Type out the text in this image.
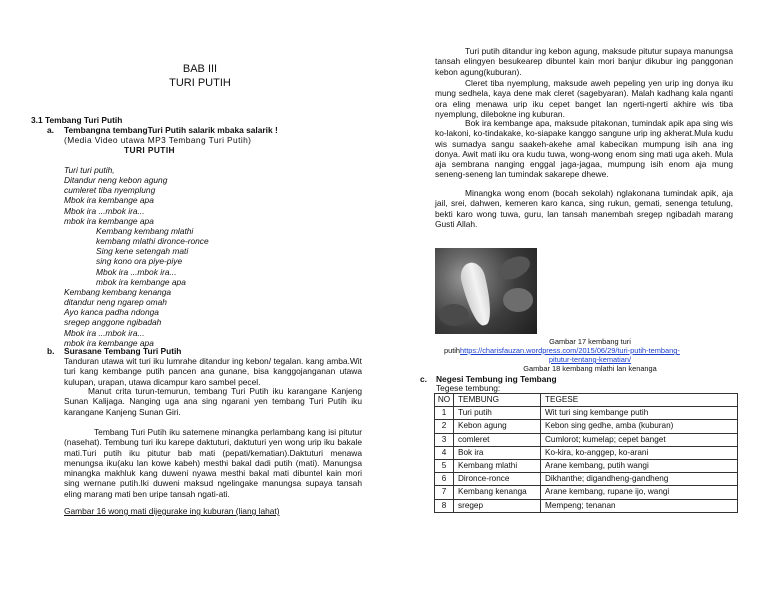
BAB III
TURI PUTIH
3.1 Tembang Turi Putih
a. Tembangna tembangTuri Putih salarik mbaka salarik !
(Media Video utawa MP3 Tembang Turi Putih)
TURI PUTIH
Turi turi putih,
Ditandur neng kebon agung
cumleret tiba nyemplung
Mbok ira kembange apa
Mbok ira ...mbok ira...
mbok ira kembange apa
Kembang kembang mlathi
kembang mlathi dironce-ronce
Sing kene setengah mati
sing kono ora piye-piye
Mbok ira ...mbok ira...
mbok ira kembange apa
Kembang kembang kenanga
ditandur neng ngarep omah
Ayo kanca padha ndonga
sregep anggone ngibadah
Mbok ira ...mbok ira...
mbok ira kembange apa
b. Surasane Tembang Turi Putih
Tanduran utawa wit turi iku lumrahe ditandur ing kebon/ tegalan. kang amba.Wit turi kang kembange putih pancen ana gunane, bisa kanggojanganan utawa kulupan, urapan, utawa dicampur karo sambel pecel.
Manut crita turun-temurun, tembang Turi Putih iku karangane Kanjeng Sunan Kalijaga. Nanging uga ana sing ngarani yen tembang Turi Putih iku karangane Kanjeng Sunan Giri.
Tembang Turi Putih iku satemene minangka perlambang kang isi pitutur (nasehat). Tembung turi iku karepe daktuturi, daktuturi yen wong urip iku bakale mati.Turi putih iku pitutur bab mati (pepati/kematian).Daktuturi menawa menungsa iku(aku lan kowe kabeh) mesthi bakal dadi putih (mati). Manungsa minangka makhluk kang duweni nyawa mesthi bakal mati dibuntel kain mori sing wernane putih.Iki duweni maksud ngelingake manungsa supaya tansah eling marang mati ben uripe tansah ngati-ati.
Gambar 16 wong mati dijegurake ing kuburan (liang lahat)
Turi putih ditandur ing kebon agung, maksude pitutur supaya manungsa tansah elingyen besukearep dibuntel kain mori banjur dikubur ing panggonan kebon agung(kuburan).
Cleret tiba nyemplung, maksude aweh pepeling yen urip ing donya iku mung sedhela, kaya dene mak cleret (sagebyaran). Malah kadhang kala nganti ora eling menawa urip iku cepet banget lan ngerti-ngerti akhire wis tiba nyemplung, dilebokne ing kuburan.
Bok ira kembange apa, maksude pitakonan, tumindak apik apa sing wis ko-lakoni, ko-tindakake, ko-siapake kanggo sangune urip ing akherat.Mula kudu wis sumadya sangu saakeh-akehe amal kabecikan mumpung isih ana ing donya. Awit mati iku ora kudu tuwa, wong-wong enom sing mati uga akeh. Mula aja sembrana nanging enggal jaga-jagaa, mumpung isih enom aja mung seneng-seneng lan tumindak sakarepe dhewe.
Minangka wong enom (bocah sekolah) nglakonana tumindak apik, aja jail, srei, dahwen, kemeren karo kanca, sing rukun, gemati, senenga tetulung, bekti karo wong tuwa, guru, lan tansah manembah sregep ngibadah marang Gusti Allah.
Gambar 17 kembang turi
putihhttps://charisfauzan.wordpress.com/2015/06/29/turi-putih-tembang-
pitutur-tentang-kematian/
Gambar 18 kembang mlathi lan kenanga
c. Negesi Tembung ing Tembang
Tegese tembung:
NO	TEMBUNG	TEGESE
1	Turi putih	Wit turi sing kembange putih
2	Kebon agung	Kebon sing gedhe, amba (kuburan)
3	comleret	Cumlorot; kumelap; cepet banget
4	Bok ira	Ko-kira, ko-anggep, ko-arani
5	Kembang mlathi	Arane kembang, putih wangi
6	Dironce-ronce	Dikhanthe; digandheng-gandheng
7	Kembang kenanga	Arane kembang, rupane ijo, wangi
8	sregep	Mempeng; tenanan
